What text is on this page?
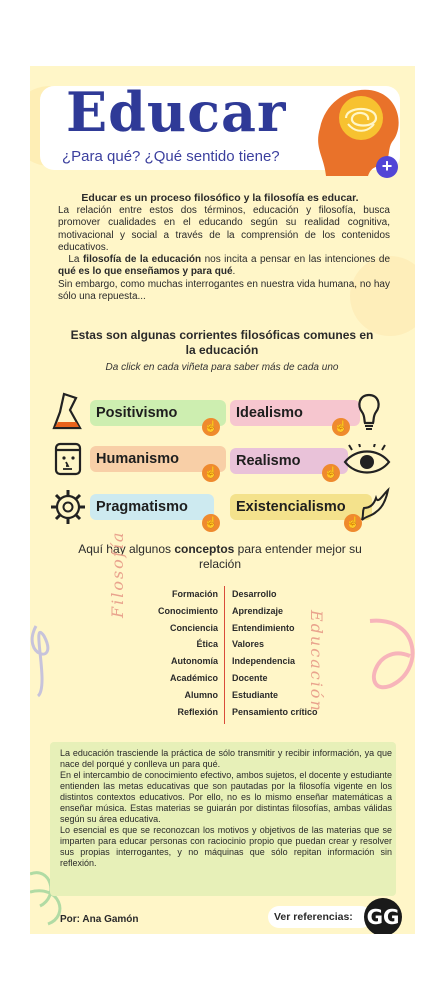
Educar
¿Para qué? ¿Qué sentido tiene?	+
Educar es un proceso filosófico y la filosofía es educar.

La relación entre estos dos términos, educación y filosofía, busca promover cualidades en el educando según su realidad cognitiva, motivacional y social a través de la comprensión de los contenidos educativos.

La filosofía de la educación nos incita a pensar en las intenciones de qué es lo que enseñamos y para qué.

Sin embargo, como muchas interrogantes en nuestra vida humana, no hay sólo una repuesta...

Estas son algunas corrientes filosóficas comunes en la educación
Da click en cada viñeta para saber más de cada uno
Positivismo
☝
Idealismo
☝
Humanismo
☝
Realismo
☝
Pragmatismo
☝
Existencialismo
☝
Aquí hay algunos conceptos para entender mejor su relación
Filosofía
Educación
Formación
Conocimiento
Conciencia
Ética
Autonomía
Académico
Alumno
Reflexión
Desarrollo
Aprendizaje
Entendimiento
Valores
Independencia
Docente
Estudiante
Pensamiento crítico

La educación trasciende la práctica de sólo transmitir y recibir información, ya que nace del porqué y conlleva un para qué.

En el intercambio de conocimiento efectivo, ambos sujetos, el docente y estudiante entienden las metas educativas que son pautadas por la filosofía vigente en los distintos contextos educativos. Por ello, no es lo mismo enseñar matemáticas a enseñar música. Estas materias se guiarán por distintas filosofías, ambas válidas según su área educativa.

Lo esencial es que se reconozcan los motivos y objetivos de las materias que se imparten para educar personas con raciocinio propio que puedan crear y resolver sus propias interrogantes, y no máquinas que sólo repitan información sin reflexión.

Por: Ana Gamón	Ver referencias: GG
